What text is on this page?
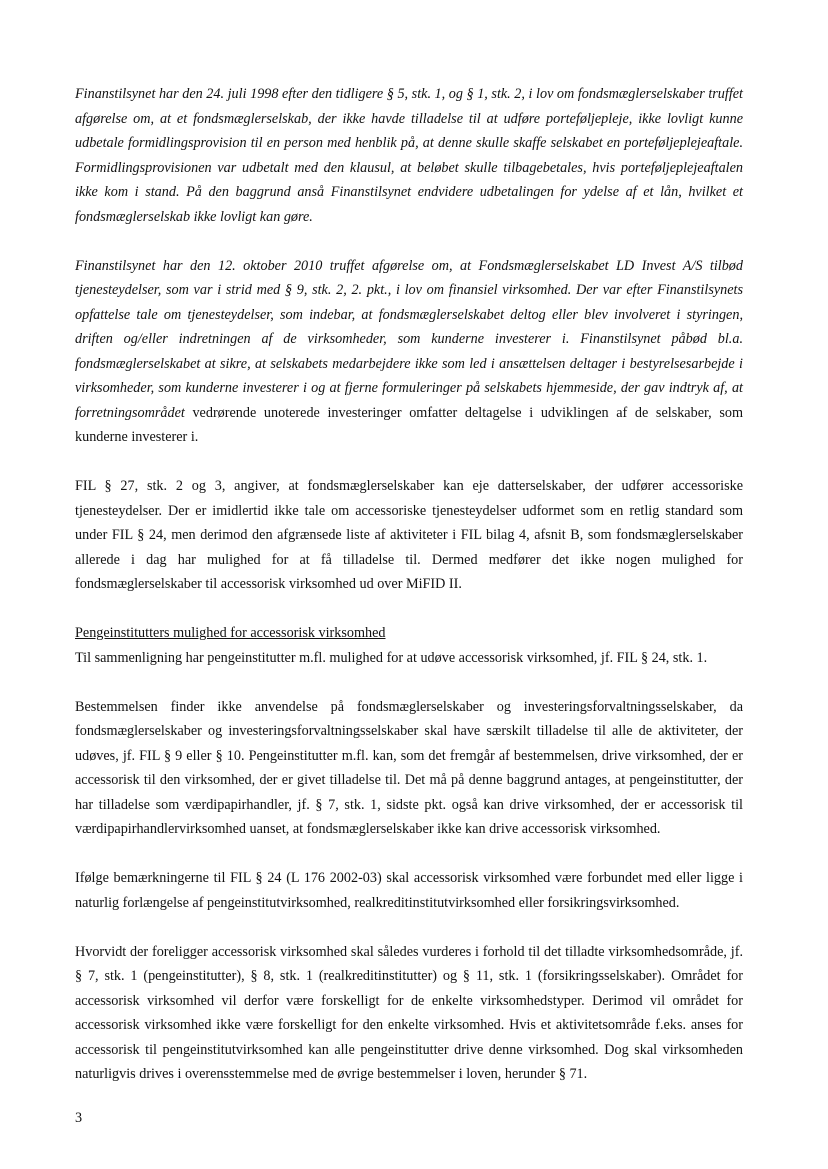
Finanstilsynet har den 24. juli 1998 efter den tidligere § 5, stk. 1, og § 1, stk. 2, i lov om fondsmæglerselskaber truffet afgørelse om, at et fondsmæglerselskab, der ikke havde tilladelse til at udføre porteføljepleje, ikke lovligt kunne udbetale formidlingsprovision til en person med henblik på, at denne skulle skaffe selskabet en porteføljeplejeaftale. Formidlingsprovisionen var udbetalt med den klausul, at beløbet skulle tilbagebetales, hvis porteføljeplejeaftalen ikke kom i stand. På den baggrund anså Finanstilsynet endvidere udbetalingen for ydelse af et lån, hvilket et fondsmæglerselskab ikke lovligt kan gøre.

Finanstilsynet har den 12. oktober 2010 truffet afgørelse om, at Fondsmæglerselskabet LD Invest A/S tilbød tjenesteydelser, som var i strid med § 9, stk. 2, 2. pkt., i lov om finansiel virksomhed. Der var efter Finanstilsynets opfattelse tale om tjenesteydelser, som indebar, at fondsmæglerselskabet deltog eller blev involveret i styringen, driften og/eller indretningen af de virksomheder, som kunderne investerer i. Finanstilsynet påbød bl.a. fondsmæglerselskabet at sikre, at selskabets medarbejdere ikke som led i ansættelsen deltager i bestyrelsesarbejde i virksomheder, som kunderne investerer i og at fjerne formuleringer på selskabets hjemmeside, der gav indtryk af, at forretningsområdet vedrørende unoterede investeringer omfatter deltagelse i udviklingen af de selskaber, som kunderne investerer i.

FIL § 27, stk. 2 og 3, angiver, at fondsmæglerselskaber kan eje datterselskaber, der udfører accessoriske tjenesteydelser. Der er imidlertid ikke tale om accessoriske tjenesteydelser udformet som en retlig standard som under FIL § 24, men derimod den afgrænsede liste af aktiviteter i FIL bilag 4, afsnit B, som fondsmæglerselskaber allerede i dag har mulighed for at få tilladelse til. Dermed medfører det ikke nogen mulighed for fondsmæglerselskaber til accessorisk virksomhed ud over MiFID II.

Pengeinstitutters mulighed for accessorisk virksomhed

Til sammenligning har pengeinstitutter m.fl. mulighed for at udøve accessorisk virksomhed, jf. FIL § 24, stk. 1.

Bestemmelsen finder ikke anvendelse på fondsmæglerselskaber og investeringsforvaltningsselskaber, da fondsmæglerselskaber og investeringsforvaltningsselskaber skal have særskilt tilladelse til alle de aktiviteter, der udøves, jf. FIL § 9 eller § 10. Pengeinstitutter m.fl. kan, som det fremgår af bestemmelsen, drive virksomhed, der er accessorisk til den virksomhed, der er givet tilladelse til. Det må på denne baggrund antages, at pengeinstitutter, der har tilladelse som værdipapirhandler, jf. § 7, stk. 1, sidste pkt. også kan drive virksomhed, der er accessorisk til værdipapirhandlervirksomhed uanset, at fondsmæglerselskaber ikke kan drive accessorisk virksomhed.

Ifølge bemærkningerne til FIL § 24 (L 176 2002-03) skal accessorisk virksomhed være forbundet med eller ligge i naturlig forlængelse af pengeinstitutvirksomhed, realkreditinstitutvirksomhed eller forsikringsvirksomhed.

Hvorvidt der foreligger accessorisk virksomhed skal således vurderes i forhold til det tilladte virksomhedsområde, jf. § 7, stk. 1 (pengeinstitutter), § 8, stk. 1 (realkreditinstitutter) og § 11, stk. 1 (forsikringsselskaber). Området for accessorisk virksomhed vil derfor være forskelligt for de enkelte virksomhedstyper. Derimod vil området for accessorisk virksomhed ikke være forskelligt for den enkelte virksomhed. Hvis et aktivitetsområde f.eks. anses for accessorisk til pengeinstitutvirksomhed kan alle pengeinstitutter drive denne virksomhed. Dog skal virksomheden naturligvis drives i overensstemmelse med de øvrige bestemmelser i loven, herunder § 71.

3
